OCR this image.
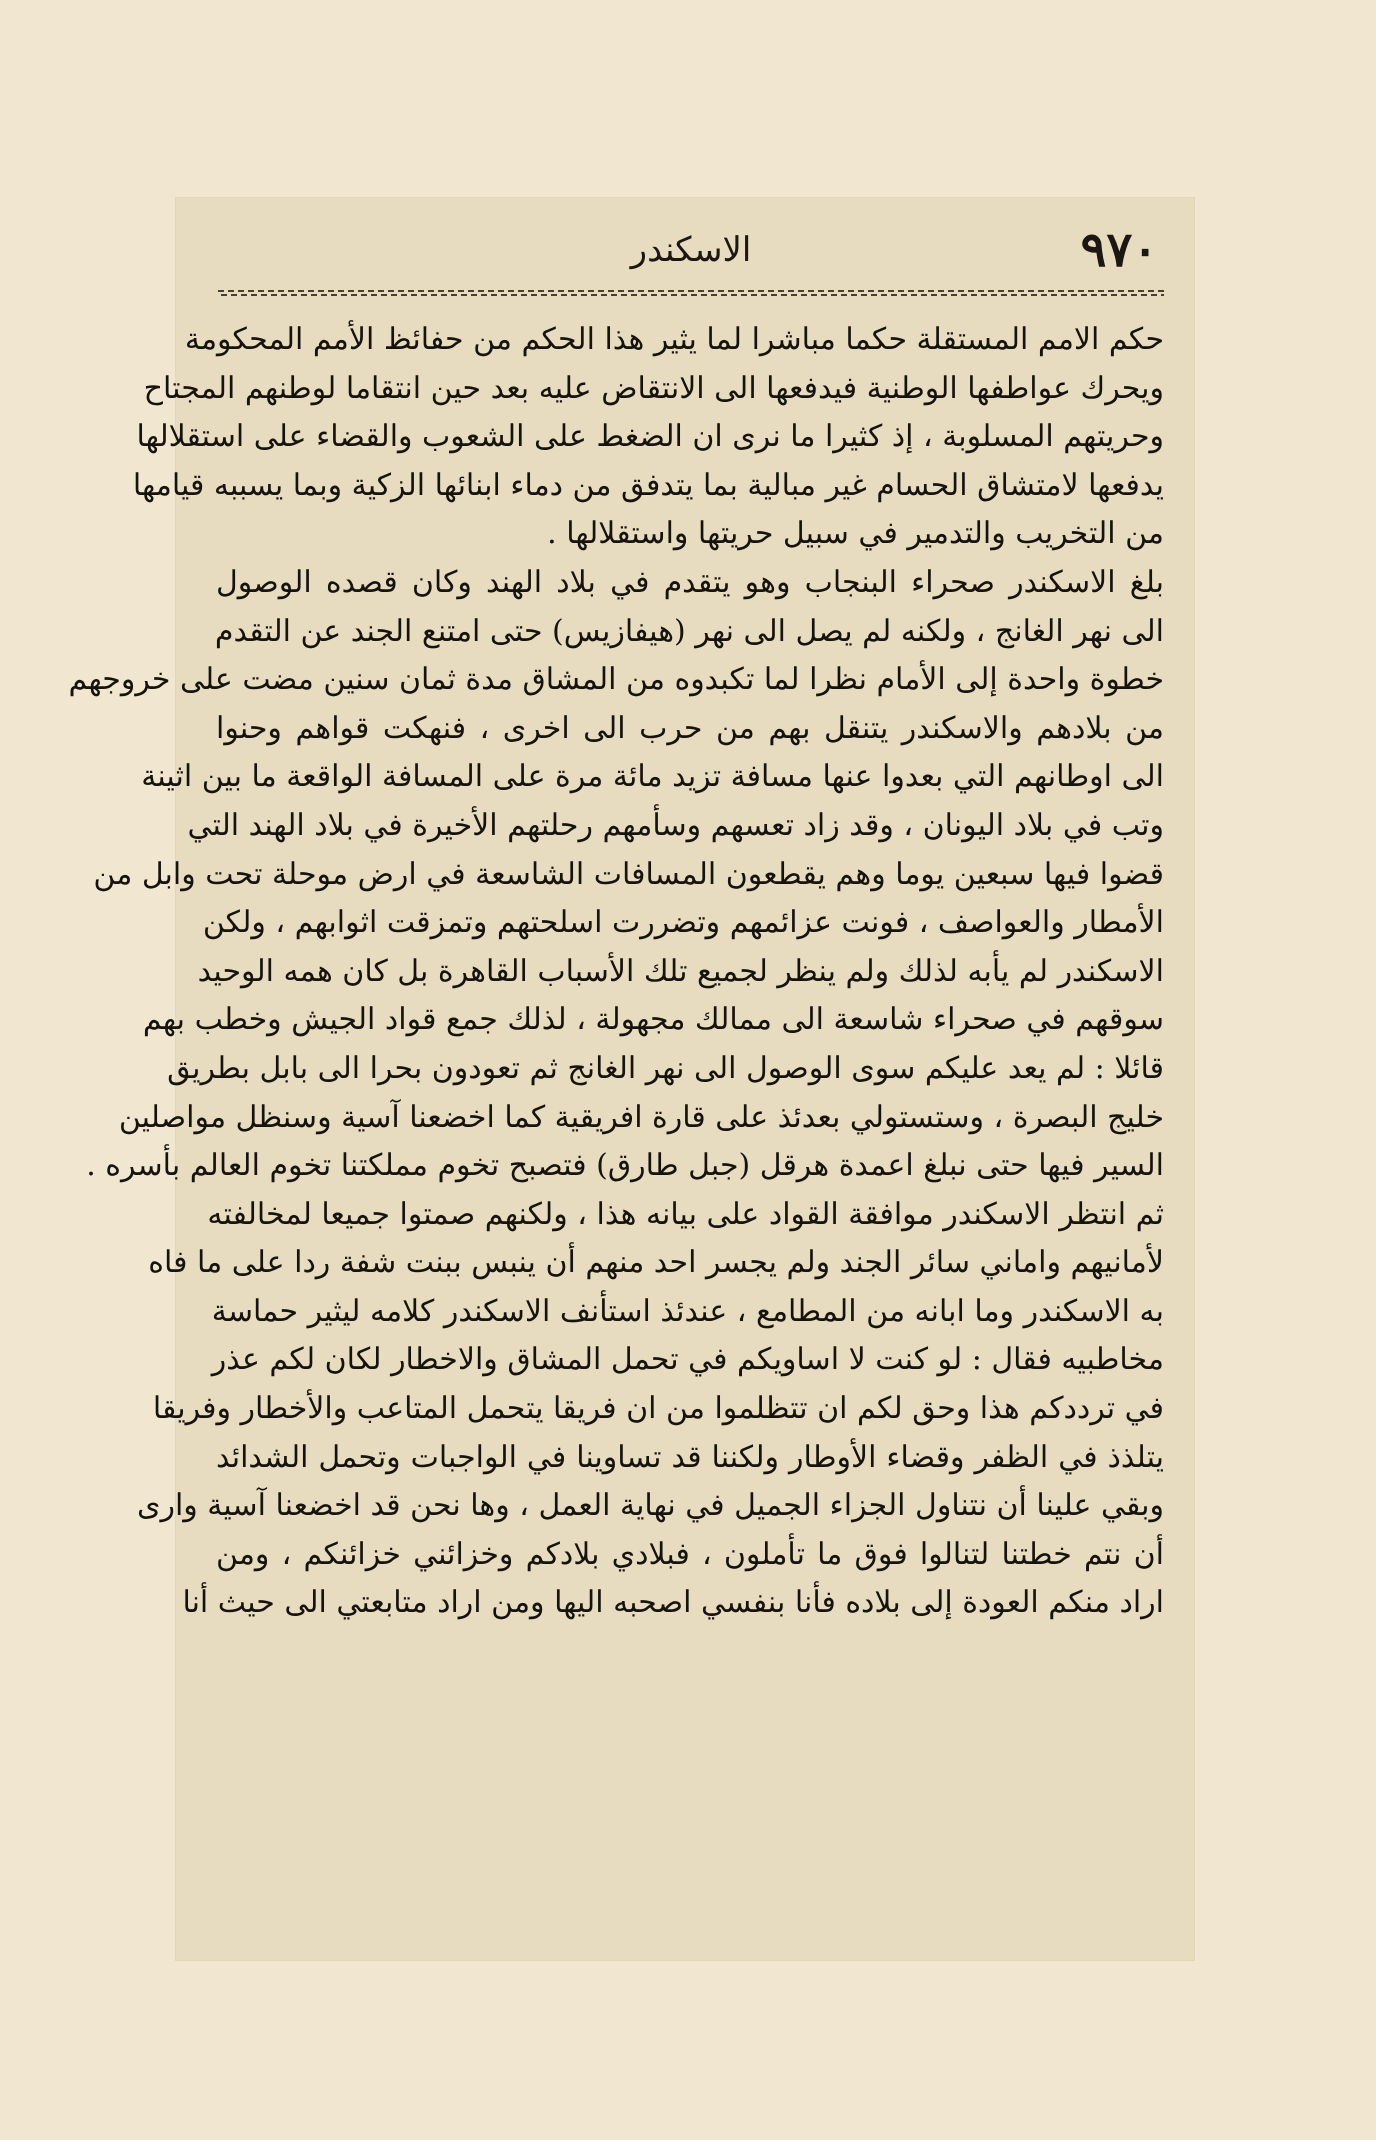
٩٧٠
الاسكندر
حكم الامم المستقلة حكما مباشرا لما يثير هذا الحكم من حفائظ الأمم المحكومة
ويحرك عواطفها الوطنية فيدفعها الى الانتقاض عليه بعد حين انتقاما لوطنهم المجتاح
وحريتهم المسلوبة ، إذ كثيرا ما نرى ان الضغط على الشعوب والقضاء على استقلالها
يدفعها لامتشاق الحسام غير مبالية بما يتدفق من دماء ابنائها الزكية وبما يسببه قيامها
من التخريب والتدمير في سبيل حريتها واستقلالها .
بلغ الاسكندر صحراء البنجاب وهو يتقدم في بلاد الهند وكان قصده الوصول
الى نهر الغانج ، ولكنه لم يصل الى نهر (هيفازيس) حتى امتنع الجند عن التقدم
خطوة واحدة إلى الأمام نظرا لما تكبدوه من المشاق مدة ثمان سنين مضت على خروجهم
من بلادهم والاسكندر يتنقل بهم من حرب الى اخرى ، فنهكت قواهم وحنوا
الى اوطانهم التي بعدوا عنها مسافة تزيد مائة مرة على المسافة الواقعة ما بين اثينة
وتب في بلاد اليونان ، وقد زاد تعسهم وسأمهم رحلتهم الأخيرة في بلاد الهند التي
قضوا فيها سبعين يوما وهم يقطعون المسافات الشاسعة في ارض موحلة تحت وابل من
الأمطار والعواصف ، فونت عزائمهم وتضررت اسلحتهم وتمزقت اثوابهم ، ولكن
الاسكندر لم يأبه لذلك ولم ينظر لجميع تلك الأسباب القاهرة بل كان همه الوحيد
سوقهم في صحراء شاسعة الى ممالك مجهولة ، لذلك جمع قواد الجيش وخطب بهم
قائلا : لم يعد عليكم سوى الوصول الى نهر الغانج ثم تعودون بحرا الى بابل بطريق
خليج البصرة ، وستستولي بعدئذ على قارة افريقية كما اخضعنا آسية وسنظل مواصلين
السير فيها حتى نبلغ اعمدة هرقل (جبل طارق) فتصبح تخوم مملكتنا تخوم العالم بأسره .
ثم انتظر الاسكندر موافقة القواد على بيانه هذا ، ولكنهم صمتوا جميعا لمخالفته
لأمانيهم واماني سائر الجند ولم يجسر احد منهم أن ينبس ببنت شفة ردا على ما فاه
به الاسكندر وما ابانه من المطامع ، عندئذ استأنف الاسكندر كلامه ليثير حماسة
مخاطبيه فقال : لو كنت لا اساويكم في تحمل المشاق والاخطار لكان لكم عذر
في ترددكم هذا وحق لكم ان تتظلموا من ان فريقا يتحمل المتاعب والأخطار وفريقا
يتلذذ في الظفر وقضاء الأوطار ولكننا قد تساوينا في الواجبات وتحمل الشدائد
وبقي علينا أن نتناول الجزاء الجميل في نهاية العمل ، وها نحن قد اخضعنا آسية وارى
أن نتم خطتنا لتنالوا فوق ما تأملون ، فبلادي بلادكم وخزائني خزائنكم ، ومن
اراد منكم العودة إلى بلاده فأنا بنفسي اصحبه اليها ومن اراد متابعتي الى حيث أنا
